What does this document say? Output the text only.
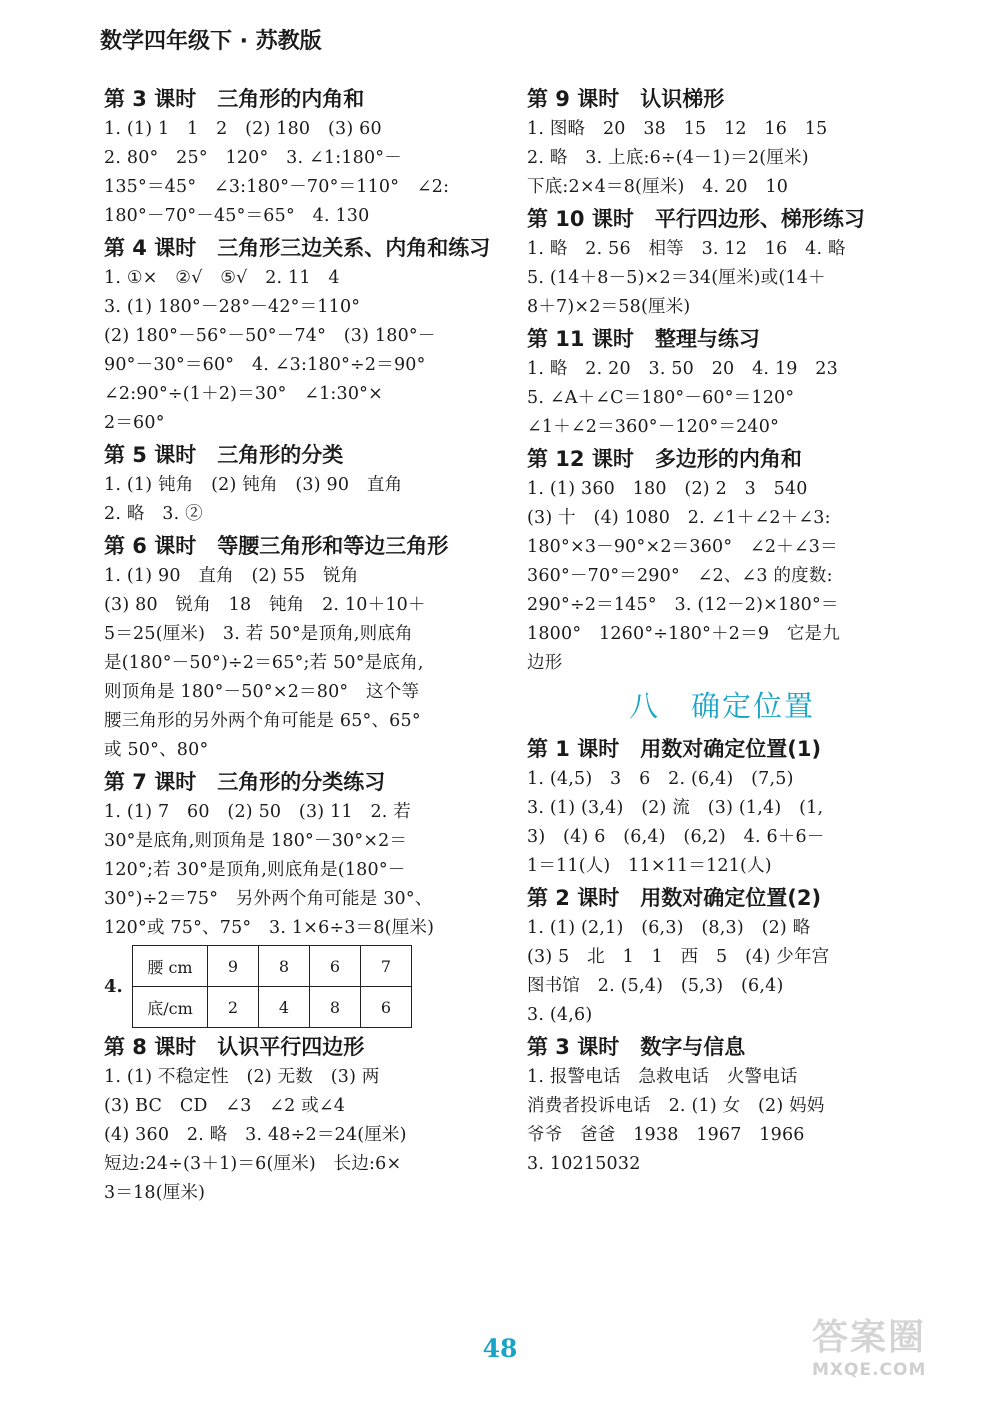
数学四年级下 · 苏教版
第 3 课时　三角形的内角和
1. (1) 1　1　2　(2) 180　(3) 60
2. 80°　25°　120°　3. ∠1:180°－
135°＝45°　∠3:180°－70°＝110°　∠2:
180°－70°－45°＝65°　4. 130
第 4 课时　三角形三边关系、内角和练习
1. ①×　②√　⑤√　2. 11　4
3. (1) 180°－28°－42°＝110°
(2) 180°－56°－50°－74°　(3) 180°－
90°－30°＝60°　4. ∠3:180°÷2＝90°
∠2:90°÷(1＋2)＝30°　∠1:30°×
2＝60°
第 5 课时　三角形的分类
1. (1) 钝角　(2) 钝角　(3) 90　直角
2. 略　3. ②
第 6 课时　等腰三角形和等边三角形
1. (1) 90　直角　(2) 55　锐角
(3) 80　锐角　18　钝角　2. 10＋10＋
5＝25(厘米)　3. 若 50°是顶角,则底角
是(180°－50°)÷2＝65°;若 50°是底角,
则顶角是 180°－50°×2＝80°　这个等
腰三角形的另外两个角可能是 65°、65°
或 50°、80°
第 7 课时　三角形的分类练习
1. (1) 7　60　(2) 50　(3) 11　2. 若
30°是底角,则顶角是 180°－30°×2＝
120°;若 30°是顶角,则底角是(180°－
30°)÷2＝75°　另外两个角可能是 30°、
120°或 75°、75°　3. 1×6÷3＝8(厘米)
4.
腰 cm	9	8	6	7
底/cm	2	4	8	6
第 8 课时　认识平行四边形
1. (1) 不稳定性　(2) 无数　(3) 两
(3) BC　CD　∠3　∠2 或∠4
(4) 360　2. 略　3. 48÷2＝24(厘米)
短边:24÷(3＋1)＝6(厘米)　长边:6×
3＝18(厘米)
第 9 课时　认识梯形
1. 图略　20　38　15　12　16　15
2. 略　3. 上底:6÷(4－1)＝2(厘米)
下底:2×4＝8(厘米)　4. 20　10
第 10 课时　平行四边形、梯形练习
1. 略　2. 56　相等　3. 12　16　4. 略
5. (14＋8－5)×2＝34(厘米)或(14＋
8＋7)×2＝58(厘米)
第 11 课时　整理与练习
1. 略　2. 20　3. 50　20　4. 19　23
5. ∠A＋∠C＝180°－60°＝120°
∠1＋∠2＝360°－120°＝240°
第 12 课时　多边形的内角和
1. (1) 360　180　(2) 2　3　540
(3) 十　(4) 1080　2. ∠1＋∠2＋∠3:
180°×3－90°×2＝360°　∠2＋∠3＝
360°－70°＝290°　∠2、∠3 的度数:
290°÷2＝145°　3. (12－2)×180°＝
1800°　1260°÷180°＋2＝9　它是九
边形
八　确定位置
第 1 课时　用数对确定位置(1)
1. (4,5)　3　6　2. (6,4)　(7,5)
3. (1) (3,4)　(2) 流　(3) (1,4)　(1,
3)　(4) 6　(6,4)　(6,2)　4. 6＋6－
1＝11(人)　11×11＝121(人)
第 2 课时　用数对确定位置(2)
1. (1) (2,1)　(6,3)　(8,3)　(2) 略
(3) 5　北　1　1　西　5　(4) 少年宫
图书馆　2. (5,4)　(5,3)　(6,4)
3. (4,6)
第 3 课时　数字与信息
1. 报警电话　急救电话　火警电话
消费者投诉电话　2. (1) 女　(2) 妈妈
爷爷　爸爸　1938　1967　1966
3. 10215032
48	答案圈
MXQE.COM
